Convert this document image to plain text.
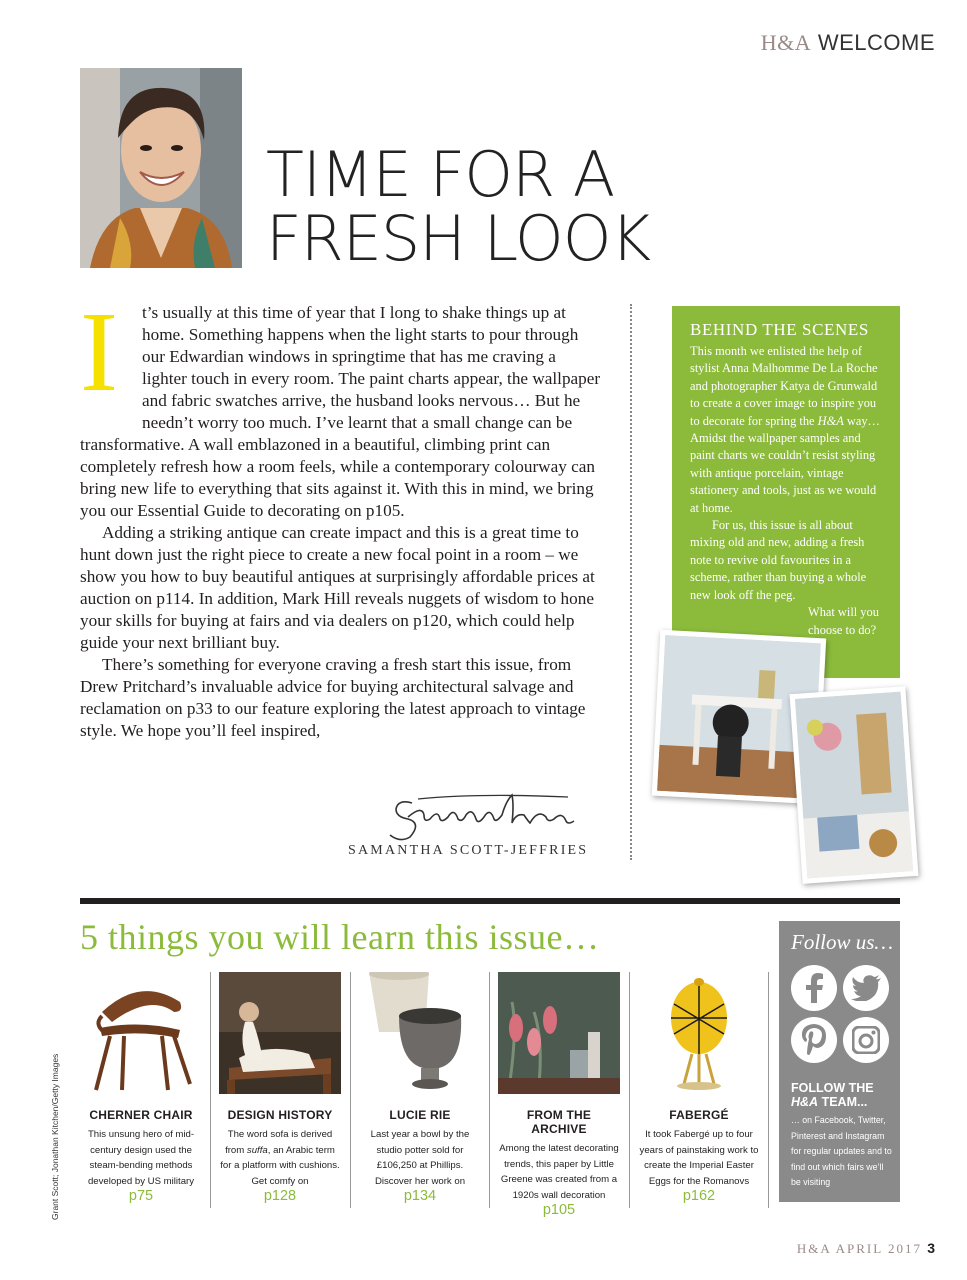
H&A WELCOME
TIME FOR A
FRESH LOOK

I	t’s usually at this time of year that I long to shake things up at home. Something happens when the light starts to pour through our Edwardian windows in springtime that has me craving a lighter touch in every room. The paint charts appear, the wallpaper and fabric swatches arrive, the husband looks nervous… But he needn’t worry too much. I’ve learnt that a small change can be transformative. A wall emblazoned in a beautiful, climbing print can completely refresh how a room feels, while a contemporary colourway can bring new life to everything that sits against it. With this in mind, we bring you our Essential Guide to decorating on p105.

Adding a striking antique can create impact and this is a great time to hunt down just the right piece to create a new focal point in a room – we show you how to buy beautiful antiques at surprisingly affordable prices at auction on p114. In addition, Mark Hill reveals nuggets of wisdom to hone your skills for buying at fairs and via dealers on p120, which could help guide your next brilliant buy.

There’s something for everyone craving a fresh start this issue, from Drew Pritchard’s invaluable advice for buying architectural salvage and reclamation on p33 to our feature exploring the latest approach to vintage style. We hope you’ll feel inspired,

SAMANTHA SCOTT-JEFFRIES
BEHIND THE SCENES

This month we enlisted the help of stylist Anna Malhomme De La Roche and photographer Katya de Grunwald to create a cover image to inspire you to decorate for spring the H&A way… Amidst the wallpaper samples and paint charts we couldn’t resist styling with antique porcelain, vintage stationery and tools, just as we would at home.

For us, this issue is all about mixing old and new, adding a fresh note to revive old favourites in a scheme, rather than buying a whole new look off the peg.

What will you choose to do?

5 things you will learn this issue…
Grant Scott; Jonathan Kitchen/Getty Images	CHERNER CHAIR
This unsung hero of mid-century design used the steam-bending methods developed by US military
p75
DESIGN HISTORY
The word sofa is derived from suffa, an Arabic term for a platform with cushions. Get comfy on
p128
LUCIE RIE
Last year a bowl by the studio potter sold for £106,250 at Phillips. Discover her work on
p134
FROM THE ARCHIVE
Among the latest decorating trends, this paper by Little Greene was created from a 1920s wall decoration
p105
FABERGÉ
It took Fabergé up to four years of painstaking work to create the Imperial Easter Eggs for the Romanovs
p162
Follow us…
FOLLOW THE
H&A TEAM...
… on Facebook, Twitter, Pinterest and Instagram for regular updates and to find out which fairs we’ll be visiting
H&A APRIL 2017 3
